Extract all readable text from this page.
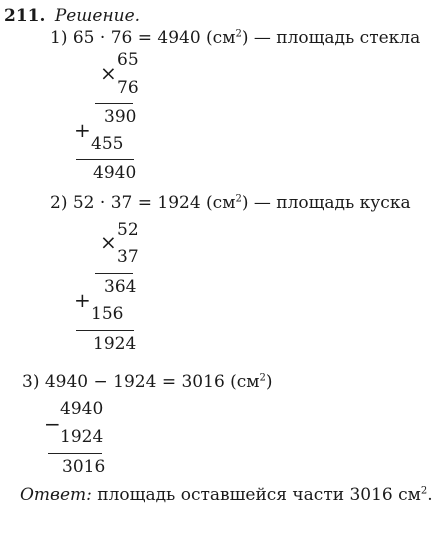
211. Решение.
1) 65 · 76 = 4940 $(см^2)$ — площадь стекла
×
65
76
390
+
455
4940
2) 52 · 37 = 1924 $(см^2)$ — площадь куска
× 52
37
364
+
156
1924
3) 4940 − 1924 = 3016 $(см^2)$
−
4940
1924
3016
Ответ: площадь оставшейся части 3016 $см^2$.
